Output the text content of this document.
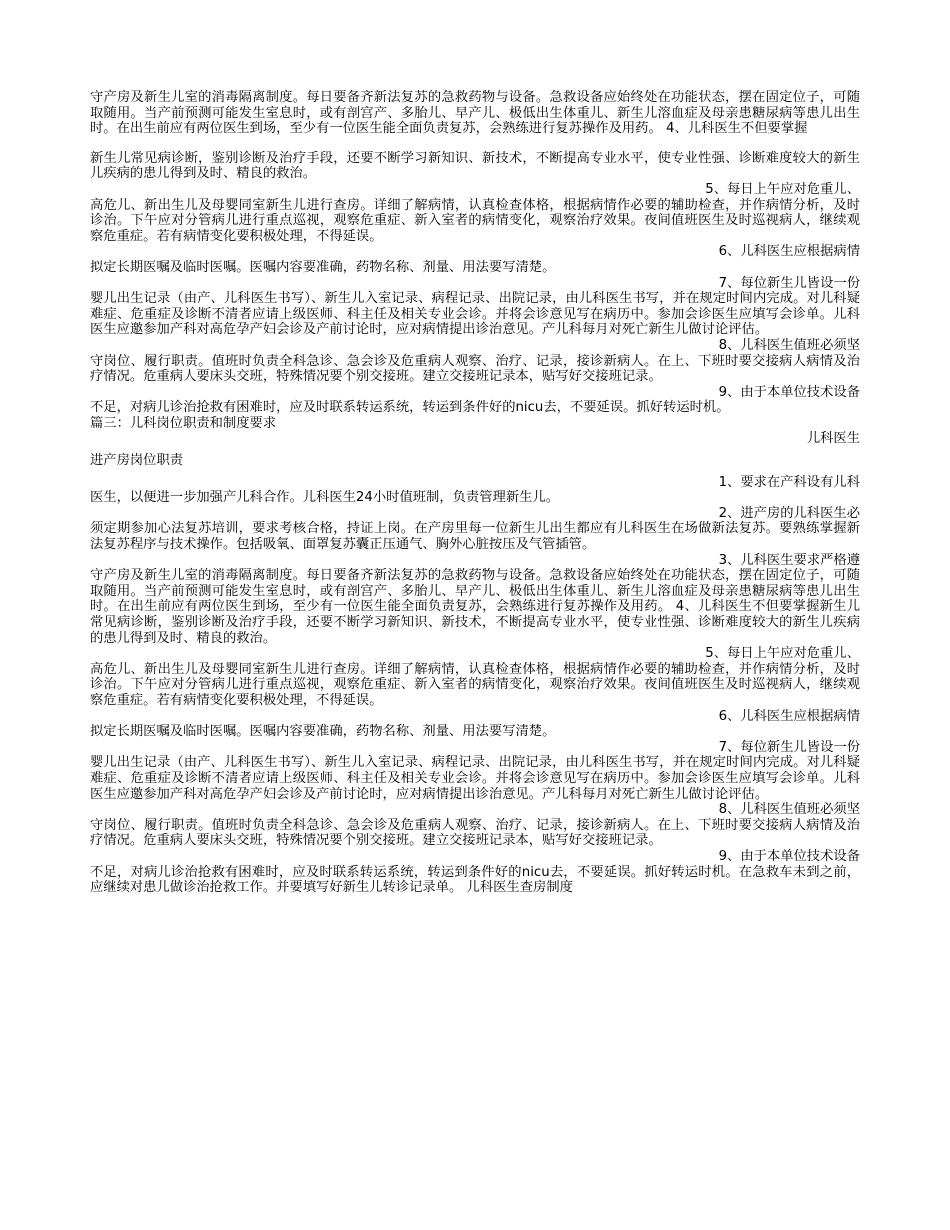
守产房及新生儿室的消毒隔离制度。每日要备齐新法复苏的急救药物与设备。急救设备应始终处在功能状态，摆在固定位子，可随取随用。当产前预测可能发生室息时，或有剖宫产、多胎儿、早产儿、极低出生体重儿、新生儿溶血症及母亲患糖尿病等患儿出生时。在出生前应有两位医生到场，至少有一位医生能全面负责复苏，会熟练进行复苏操作及用药。 4、儿科医生不但要掌握
新生儿常见病诊断，鉴别诊断及治疗手段，还要不断学习新知识、新技术，不断提高专业水平，使专业性强、诊断难度较大的新生儿疾病的患儿得到及时、精良的救治。
5、每日上午应对危重儿、
高危儿、新出生儿及母婴同室新生儿进行查房。详细了解病情，认真检查体格，根据病情作必要的辅助检查，并作病情分析，及时诊治。下午应对分管病儿进行重点巡视，观察危重症、新入室者的病情变化，观察治疗效果。夜间值班医生及时巡视病人，继续观察危重症。若有病情变化要积极处理，不得延误。
6、儿科医生应根据病情
拟定长期医嘱及临时医嘱。医嘱内容要准确，药物名称、剂量、用法要写清楚。
7、每位新生儿皆设一份
婴儿出生记录（由产、儿科医生书写）、新生儿入室记录、病程记录、出院记录，由儿科医生书写，并在规定时间内完成。对儿科疑难症、危重症及诊断不清者应请上级医师、科主任及相关专业会诊。并将会诊意见写在病历中。参加会诊医生应填写会诊单。儿科医生应邀参加产科对高危孕产妇会诊及产前讨论时，应对病情提出诊治意见。产儿科每月对死亡新生儿做讨论评估。
8、儿科医生值班必须坚
守岗位、履行职责。值班时负责全科急诊、急会诊及危重病人观察、治疗、记录，接诊新病人。在上、下班时要交接病人病情及治疗情况。危重病人要床头交班，特殊情况要个别交接班。建立交接班记录本，贴写好交接班记录。
9、由于本单位技术设备
不足，对病儿诊治抢救有困难时，应及时联系转运系统，转运到条件好的nicu去，不要延误。抓好转运时机。
篇三：儿科岗位职责和制度要求
儿科医生
进产房岗位职责
1、要求在产科设有儿科
医生，以便进一步加强产儿科合作。儿科医生24小时值班制，负责管理新生儿。
2、进产房的儿科医生必
须定期参加心法复苏培训，要求考核合格，持证上岗。在产房里每一位新生儿出生都应有儿科医生在场做新法复苏。要熟练掌握新法复苏程序与技术操作。包括吸氧、面罩复苏囊正压通气、胸外心脏按压及气管插管。
3、儿科医生要求严格遵
守产房及新生儿室的消毒隔离制度。每日要备齐新法复苏的急救药物与设备。急救设备应始终处在功能状态，摆在固定位子，可随取随用。当产前预测可能发生室息时，或有剖宫产、多胎儿、早产儿、极低出生体重儿、新生儿溶血症及母亲患糖尿病等患儿出生时。在出生前应有两位医生到场，至少有一位医生能全面负责复苏，会熟练进行复苏操作及用药。 4、儿科医生不但要掌握新生儿常见病诊断，鉴别诊断及治疗手段，还要不断学习新知识、新技术，不断提高专业水平，使专业性强、诊断难度较大的新生儿疾病的患儿得到及时、精良的救治。
5、每日上午应对危重儿、
高危儿、新出生儿及母婴同室新生儿进行查房。详细了解病情，认真检查体格，根据病情作必要的辅助检查，并作病情分析，及时诊治。下午应对分管病儿进行重点巡视，观察危重症、新入室者的病情变化，观察治疗效果。夜间值班医生及时巡视病人，继续观察危重症。若有病情变化要积极处理，不得延误。
6、儿科医生应根据病情
拟定长期医嘱及临时医嘱。医嘱内容要准确，药物名称、剂量、用法要写清楚。
7、每位新生儿皆设一份
婴儿出生记录（由产、儿科医生书写）、新生儿入室记录、病程记录、出院记录，由儿科医生书写，并在规定时间内完成。对儿科疑难症、危重症及诊断不清者应请上级医师、科主任及相关专业会诊。并将会诊意见写在病历中。参加会诊医生应填写会诊单。儿科医生应邀参加产科对高危孕产妇会诊及产前讨论时，应对病情提出诊治意见。产儿科每月对死亡新生儿做讨论评估。
8、儿科医生值班必须坚
守岗位、履行职责。值班时负责全科急诊、急会诊及危重病人观察、治疗、记录，接诊新病人。在上、下班时要交接病人病情及治疗情况。危重病人要床头交班，特殊情况要个别交接班。建立交接班记录本，贴写好交接班记录。
9、由于本单位技术设备
不足，对病儿诊治抢救有困难时，应及时联系转运系统，转运到条件好的nicu去，不要延误。抓好转运时机。在急救车未到之前，应继续对患儿做诊治抢救工作。并要填写好新生儿转诊记录单。 儿科医生查房制度
